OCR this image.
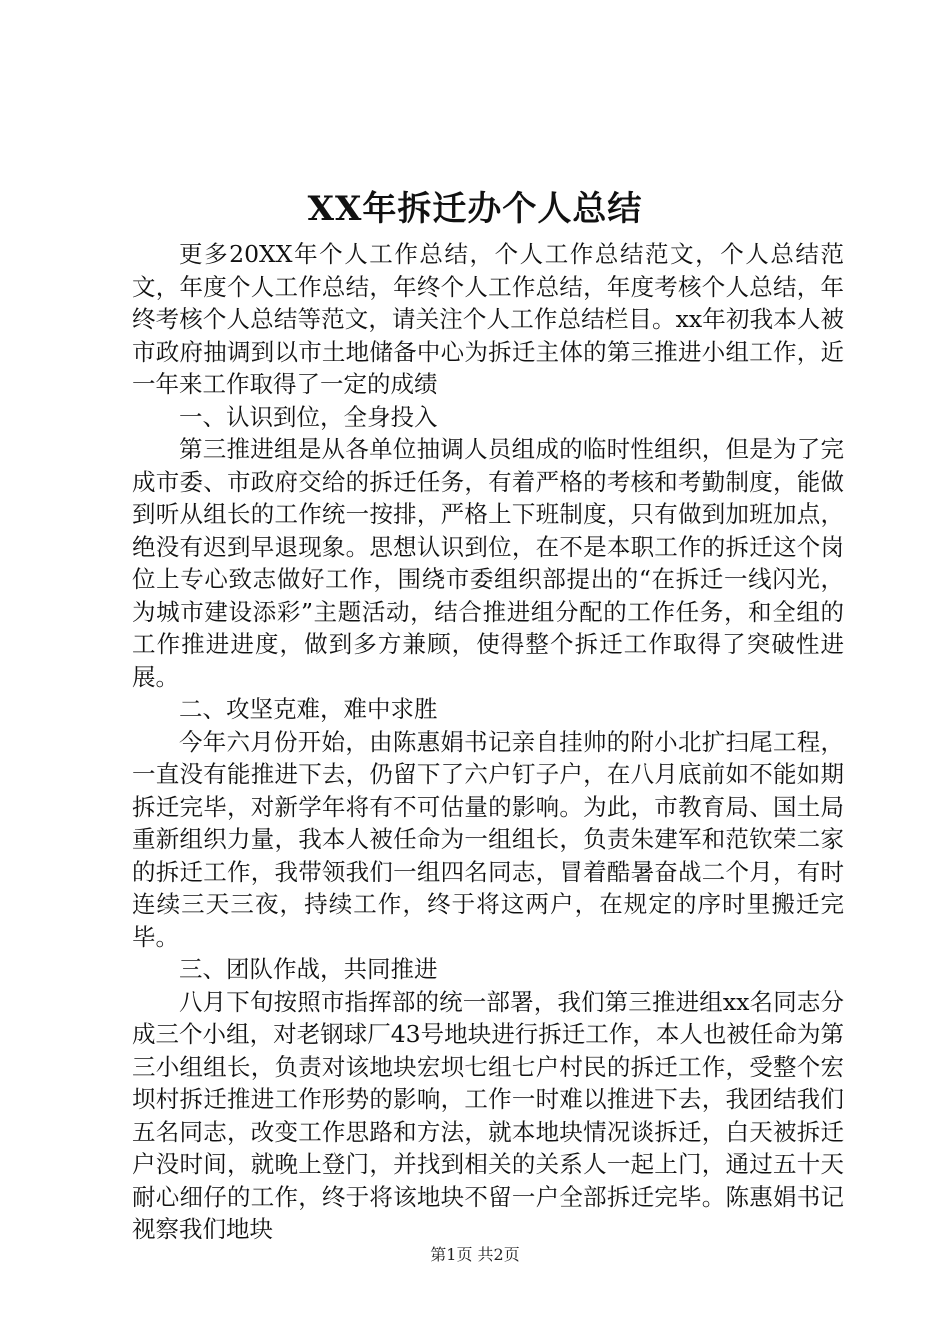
XX年拆迁办个人总结

更多20XX年个人工作总结，个人工作总结范文，个人总结范文，年度个人工作总结，年终个人工作总结，年度考核个人总结，年终考核个人总结等范文，请关注个人工作总结栏目。xx年初我本人被市政府抽调到以市土地储备中心为拆迁主体的第三推进小组工作，近一年来工作取得了一定的成绩

一、认识到位，全身投入

第三推进组是从各单位抽调人员组成的临时性组织，但是为了完成市委、市政府交给的拆迁任务，有着严格的考核和考勤制度，能做到听从组长的工作统一按排，严格上下班制度，只有做到加班加点，绝没有迟到早退现象。思想认识到位，在不是本职工作的拆迁这个岗位上专心致志做好工作，围绕市委组织部提出的“在拆迁一线闪光，为城市建设添彩”主题活动，结合推进组分配的工作任务，和全组的工作推进进度，做到多方兼顾，使得整个拆迁工作取得了突破性进展。

二、攻坚克难，难中求胜

今年六月份开始，由陈惠娟书记亲自挂帅的附小北扩扫尾工程，一直没有能推进下去，仍留下了六户钉子户，在八月底前如不能如期拆迁完毕，对新学年将有不可估量的影响。为此，市教育局、国土局重新组织力量，我本人被任命为一组组长，负责朱建军和范钦荣二家的拆迁工作，我带领我们一组四名同志，冒着酷暑奋战二个月，有时连续三天三夜，持续工作，终于将这两户，在规定的序时里搬迁完毕。

三、团队作战，共同推进

八月下旬按照市指挥部的统一部署，我们第三推进组xx名同志分成三个小组，对老钢球厂43号地块进行拆迁工作，本人也被任命为第三小组组长，负责对该地块宏坝七组七户村民的拆迁工作，受整个宏坝村拆迁推进工作形势的影响，工作一时难以推进下去，我团结我们五名同志，改变工作思路和方法，就本地块情况谈拆迁，白天被拆迁户没时间，就晚上登门，并找到相关的关系人一起上门，通过五十天耐心细仔的工作，终于将该地块不留一户全部拆迁完毕。陈惠娟书记视察我们地块

第1页 共2页
